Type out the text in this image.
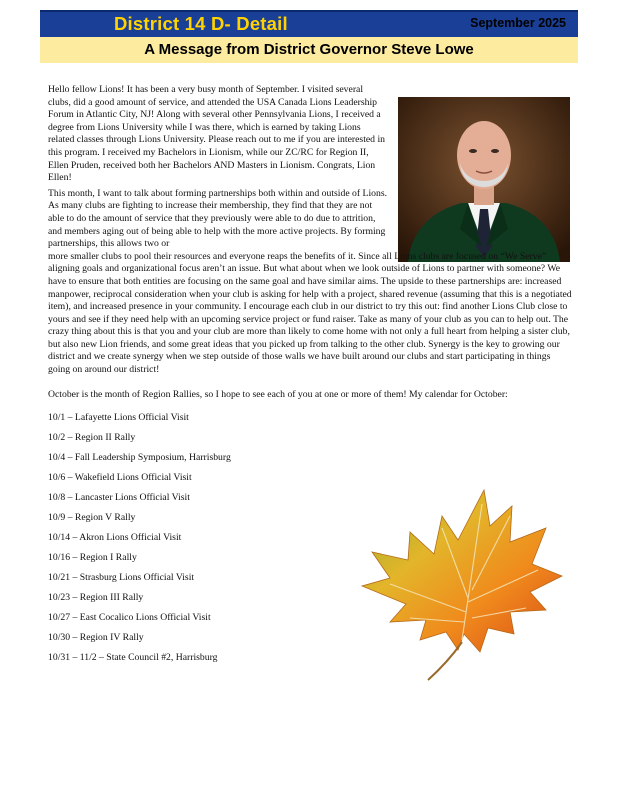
District 14 D- Detail	September 2025
A Message from District Governor Steve Lowe

Hello fellow Lions! It has been a very busy month of September. I visited several clubs, did a good amount of service, and attended the USA Canada Lions Leadership Forum in Atlantic City, NJ! Along with several other Pennsylvania Lions, I received a degree from Lions University while I was there, which is earned by taking Lions related classes through Lions University. Please reach out to me if you are interested in this program. I received my Bachelors in Lionism, while our ZC/RC for Region II, Ellen Pruden, received both her Bachelors AND Masters in Lionism. Congrats, Lion Ellen!

This month, I want to talk about forming partnerships both within and outside of Lions. As many clubs are fighting to increase their membership, they find that they are not able to do the amount of service that they previously were able to do due to attrition, and members aging out of being able to help with the more active projects. By forming partnerships, this allows two or

more smaller clubs to pool their resources and everyone reaps the benefits of it. Since all Lions clubs are focused on “We Serve” aligning goals and organizational focus aren’t an issue. But what about when we look outside of Lions to partner with someone? We have to ensure that both entities are focusing on the same goal and have similar aims. The upside to these partnerships are: increased manpower, reciprocal consideration when your club is asking for help with a project, shared revenue (assuming that this is a negotiated item), and increased presence in your community. I encourage each club in our district to try this out: find another Lions Club close to yours and see if they need help with an upcoming service project or fund raiser. Take as many of your club as you can to help out. The crazy thing about this is that you and your club are more than likely to come home with not only a full heart from helping a sister club, but also new Lion friends, and some great ideas that you picked up from talking to the other club. Synergy is the key to growing our district and we create synergy when we step outside of those walls we have built around our clubs and start participating in things going on around our district!

October is the month of Region Rallies, so I hope to see each of you at one or more of them! My calendar for October:

10/1 – Lafayette Lions Official Visit
10/2 – Region II Rally
10/4 – Fall Leadership Symposium, Harrisburg
10/6 – Wakefield Lions Official Visit
10/8 – Lancaster Lions Official Visit
10/9 – Region V Rally
10/14 – Akron Lions Official Visit
10/16 – Region I Rally
10/21 – Strasburg Lions Official Visit
10/23 – Region III Rally
10/27 – East Cocalico Lions Official Visit
10/30 – Region IV Rally
10/31 – 11/2 – State Council #2, Harrisburg
